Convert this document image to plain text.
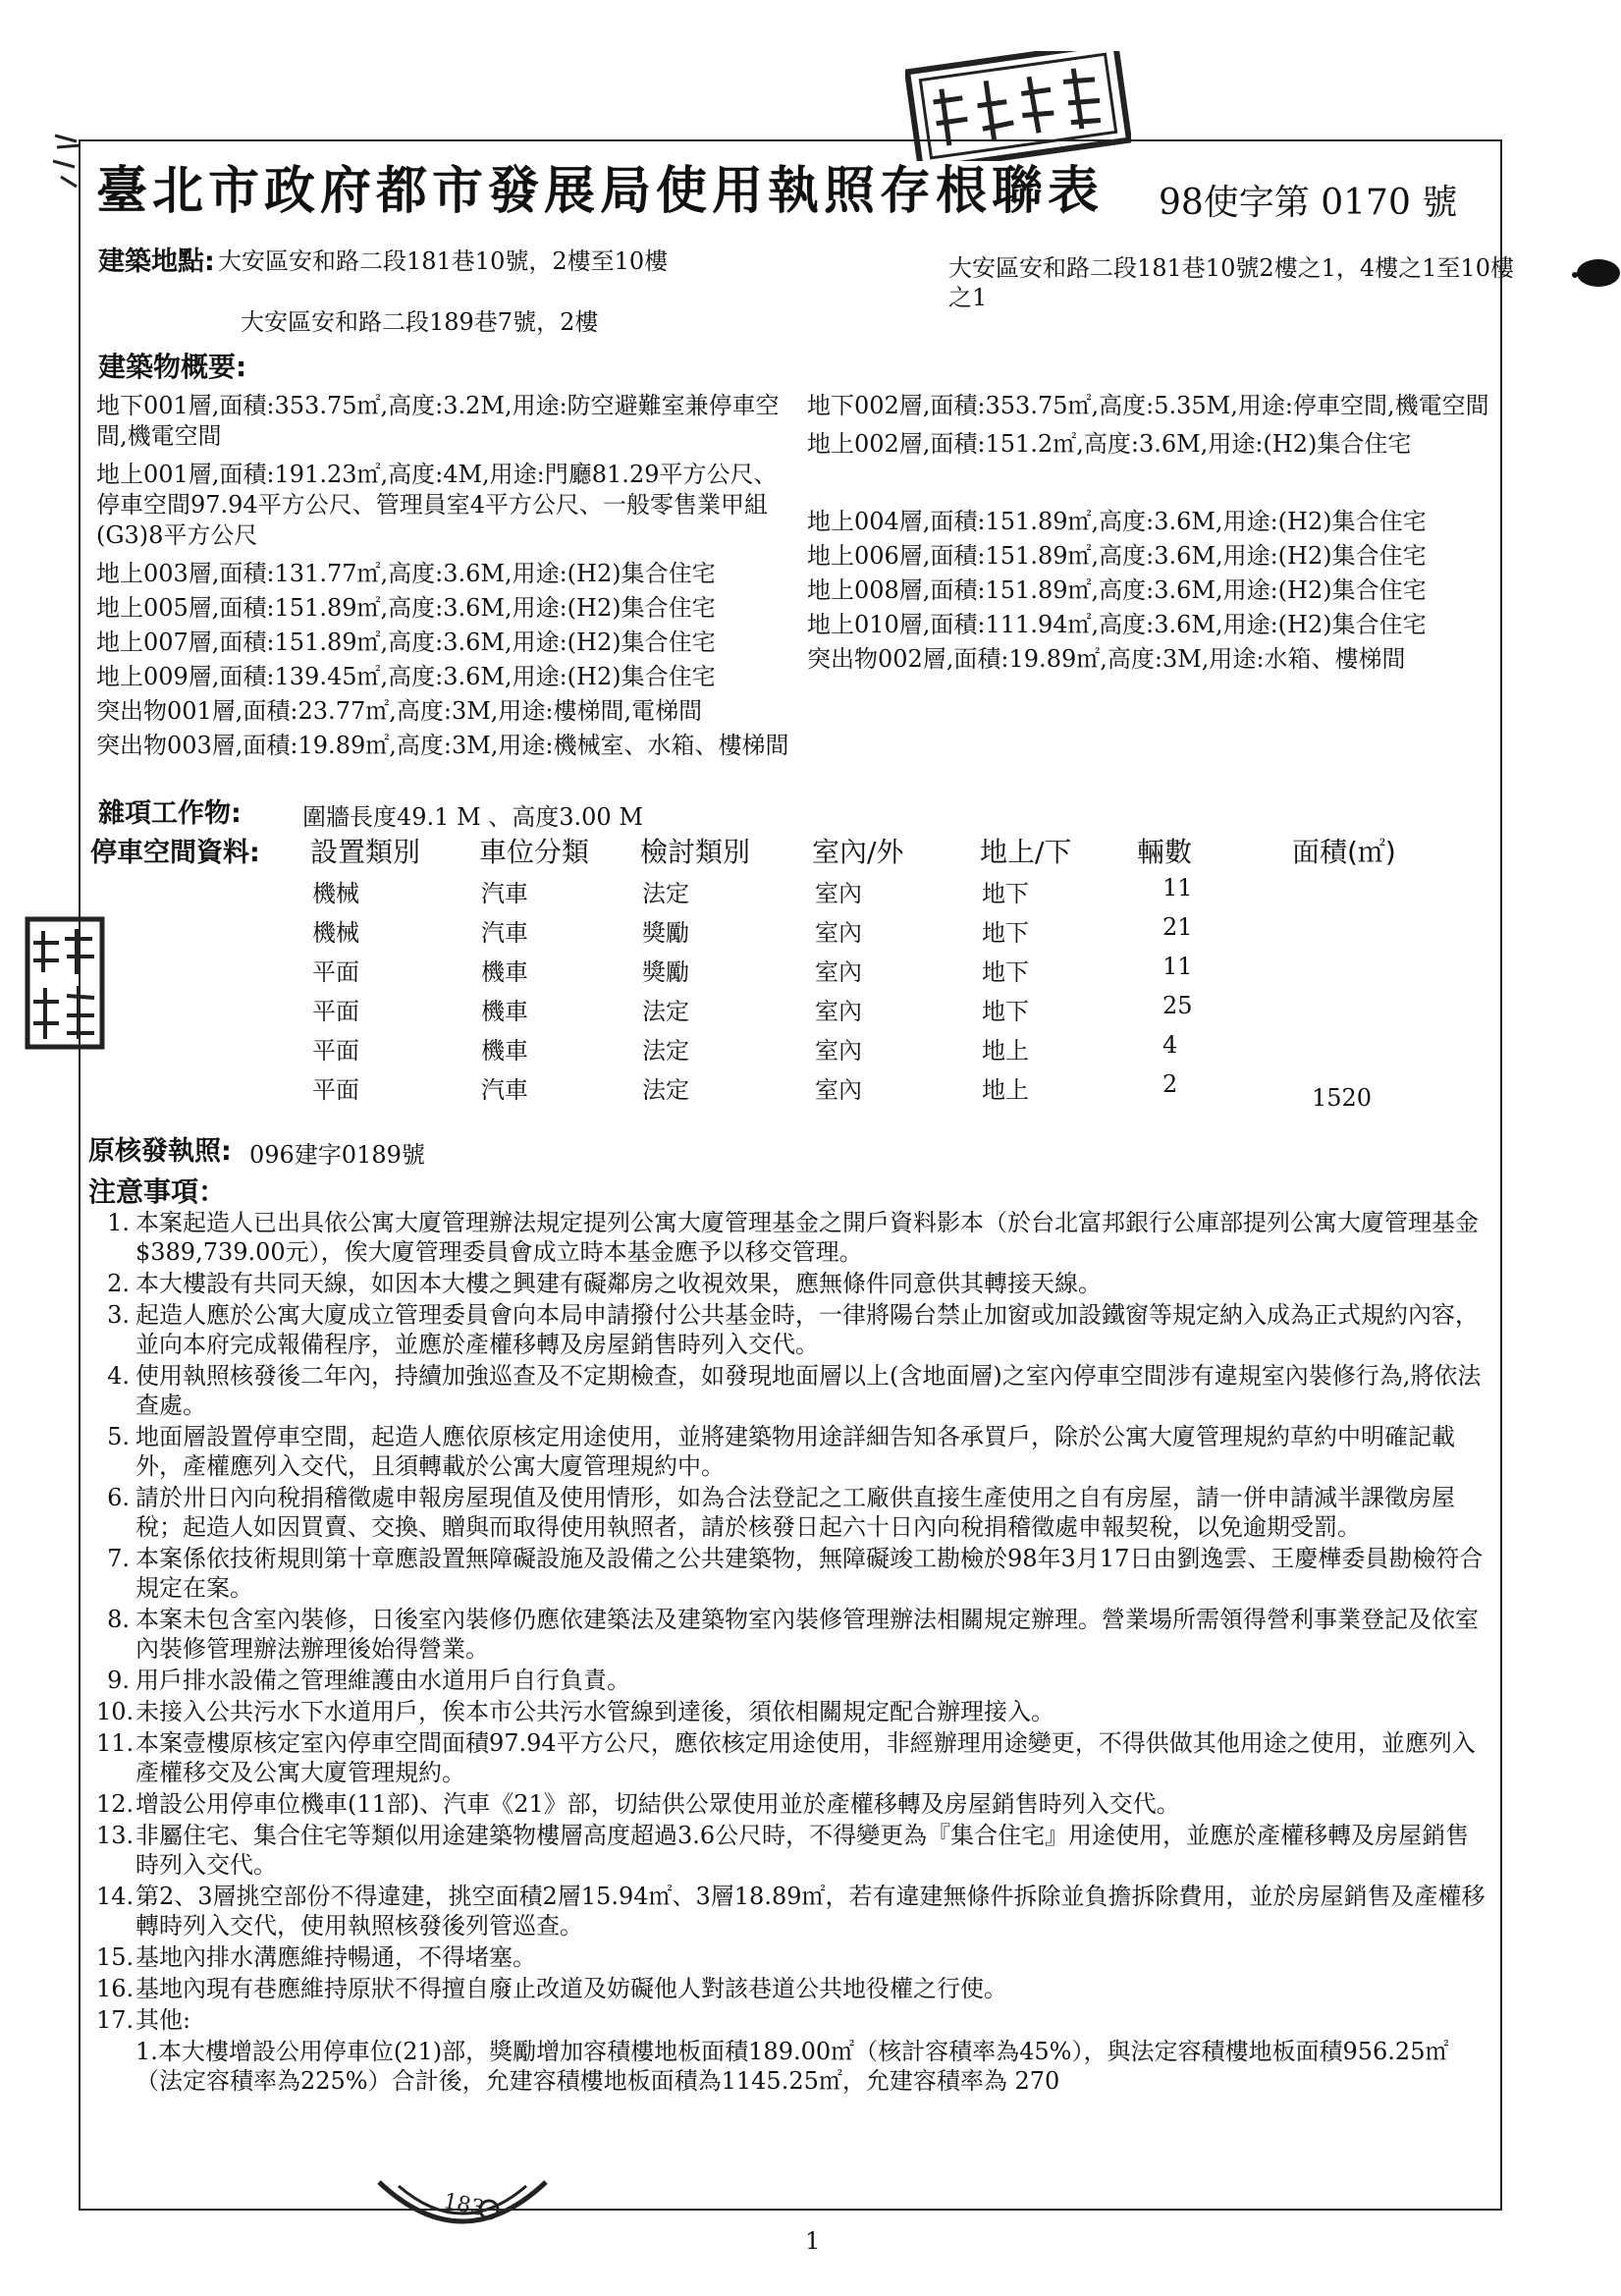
183
臺北市政府都市發展局使用執照存根聯表 98使字第 0170 號
建築地點: 大安區安和路二段181巷10號，2樓至10樓
大安區安和路二段189巷7號，2樓
大安區安和路二段181巷10號2樓之1，4樓之1至10樓之1
建築物概要:
地下001層,面積:353.75㎡,高度:3.2M,用途:防空避難室兼停車空間,機電空間
地上001層,面積:191.23㎡,高度:4M,用途:門廳81.29平方公尺、停車空間97.94平方公尺、管理員室4平方公尺、一般零售業甲組(G3)8平方公尺
地上003層,面積:131.77㎡,高度:3.6M,用途:(H2)集合住宅
地上005層,面積:151.89㎡,高度:3.6M,用途:(H2)集合住宅
地上007層,面積:151.89㎡,高度:3.6M,用途:(H2)集合住宅
地上009層,面積:139.45㎡,高度:3.6M,用途:(H2)集合住宅
突出物001層,面積:23.77㎡,高度:3M,用途:樓梯間,電梯間
突出物003層,面積:19.89㎡,高度:3M,用途:機械室、水箱、樓梯間
地下002層,面積:353.75㎡,高度:5.35M,用途:停車空間,機電空間
地上002層,面積:151.2㎡,高度:3.6M,用途:(H2)集合住宅
地上004層,面積:151.89㎡,高度:3.6M,用途:(H2)集合住宅
地上006層,面積:151.89㎡,高度:3.6M,用途:(H2)集合住宅
地上008層,面積:151.89㎡,高度:3.6M,用途:(H2)集合住宅
地上010層,面積:111.94㎡,高度:3.6M,用途:(H2)集合住宅
突出物002層,面積:19.89㎡,高度:3M,用途:水箱、樓梯間
雜項工作物:	圍牆長度49.1 M 、高度3.00 M
停車空間資料: 設置類別 車位分類 檢討類別 室內/外	地上/下 輛數	面積(㎡)
機械	汽車	法定	室內	地下	11
機械	汽車	獎勵	室內	地下	21
平面	機車	獎勵	室內	地下	11
平面	機車	法定	室內	地下	25
平面	機車	法定	室內	地上	4
平面	汽車	法定	室內	地上	2	1520
原核發執照: 096建字0189號
注意事項：
1. 本案起造人已出具依公寓大廈管理辦法規定提列公寓大廈管理基金之開戶資料影本（於台北富邦銀行公庫部提列公寓大廈管理基金$389,739.00元），俟大廈管理委員會成立時本基金應予以移交管理。
2. 本大樓設有共同天線，如因本大樓之興建有礙鄰房之收視效果，應無條件同意供其轉接天線。
3. 起造人應於公寓大廈成立管理委員會向本局申請撥付公共基金時，一律將陽台禁止加窗或加設鐵窗等規定納入成為正式規約內容，並向本府完成報備程序，並應於產權移轉及房屋銷售時列入交代。
4. 使用執照核發後二年內，持續加強巡查及不定期檢查，如發現地面層以上(含地面層)之室內停車空間涉有違規室內裝修行為,將依法查處。
5. 地面層設置停車空間，起造人應依原核定用途使用，並將建築物用途詳細告知各承買戶，除於公寓大廈管理規約草約中明確記載外，產權應列入交代，且須轉載於公寓大廈管理規約中。
6. 請於卅日內向稅捐稽徵處申報房屋現值及使用情形，如為合法登記之工廠供直接生產使用之自有房屋，請一併申請減半課徵房屋稅；起造人如因買賣、交換、贈與而取得使用執照者，請於核發日起六十日內向稅捐稽徵處申報契稅，以免逾期受罰。
7. 本案係依技術規則第十章應設置無障礙設施及設備之公共建築物，無障礙竣工勘檢於98年3月17日由劉逸雲、王慶樺委員勘檢符合規定在案。
8. 本案未包含室內裝修，日後室內裝修仍應依建築法及建築物室內裝修管理辦法相關規定辦理。營業場所需領得營利事業登記及依室內裝修管理辦法辦理後始得營業。
9. 用戶排水設備之管理維護由水道用戶自行負責。
10. 未接入公共污水下水道用戶，俟本市公共污水管線到達後，須依相關規定配合辦理接入。
11. 本案壹樓原核定室內停車空間面積97.94平方公尺，應依核定用途使用，非經辦理用途變更，不得供做其他用途之使用，並應列入產權移交及公寓大廈管理規約。
12. 增設公用停車位機車(11部)、汽車《21》部，切結供公眾使用並於產權移轉及房屋銷售時列入交代。
13. 非屬住宅、集合住宅等類似用途建築物樓層高度超過3.6公尺時，不得變更為『集合住宅』用途使用，並應於產權移轉及房屋銷售時列入交代。
14. 第2、3層挑空部份不得違建，挑空面積2層15.94㎡、3層18.89㎡，若有違建無條件拆除並負擔拆除費用，並於房屋銷售及產權移轉時列入交代，使用執照核發後列管巡查。
15. 基地內排水溝應維持暢通，不得堵塞。
16. 基地內現有巷應維持原狀不得擅自廢止改道及妨礙他人對該巷道公共地役權之行使。
17. 其他:
1.本大樓增設公用停車位(21)部，獎勵增加容積樓地板面積189.00㎡（核計容積率為45%），與法定容積樓地板面積956.25㎡（法定容積率為225%）合計後，允建容積樓地板面積為1145.25㎡，允建容積率為 270
1
